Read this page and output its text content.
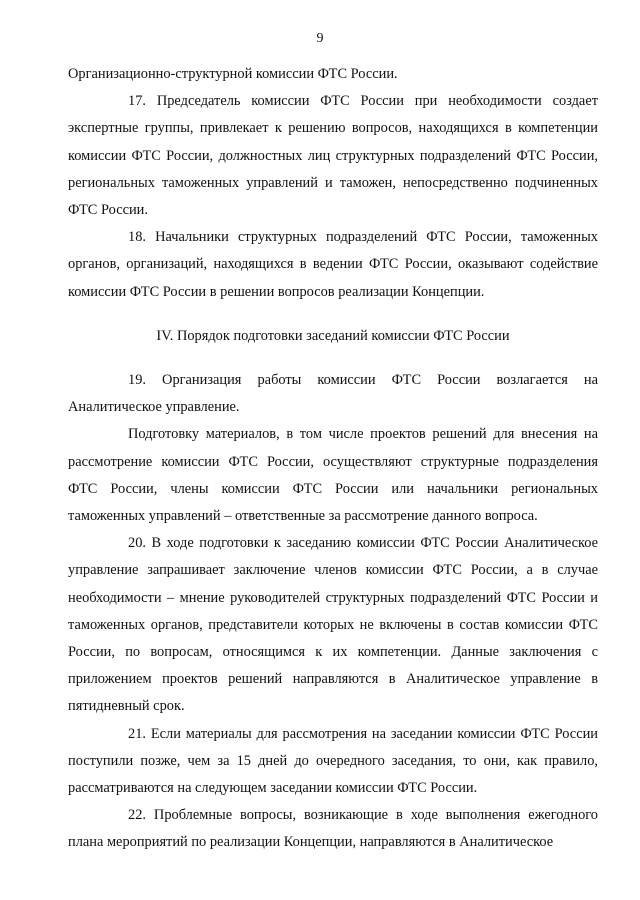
9

Организационно-структурной комиссии ФТС России.

17. Председатель комиссии ФТС России при необходимости создает экспертные группы, привлекает к решению вопросов, находящихся в компетенции комиссии ФТС России, должностных лиц структурных подразделений ФТС России, региональных таможенных управлений и таможен, непосредственно подчиненных ФТС России.

18. Начальники структурных подразделений ФТС России, таможенных органов, организаций, находящихся в ведении ФТС России, оказывают содействие комиссии ФТС России в решении вопросов реализации Концепции.

IV. Порядок подготовки заседаний комиссии ФТС России

19. Организация работы комиссии ФТС России возлагается на Аналитическое управление.

Подготовку материалов, в том числе проектов решений для внесения на рассмотрение комиссии ФТС России, осуществляют структурные подразделения ФТС России, члены комиссии ФТС России или начальники региональных таможенных управлений – ответственные за рассмотрение данного вопроса.

20. В ходе подготовки к заседанию комиссии ФТС России Аналитическое управление запрашивает заключение членов комиссии ФТС России, а в случае необходимости – мнение руководителей структурных подразделений ФТС России и таможенных органов, представители которых не включены в состав комиссии ФТС России, по вопросам, относящимся к их компетенции. Данные заключения с приложением проектов решений направляются в Аналитическое управление в пятидневный срок.

21. Если материалы для рассмотрения на заседании комиссии ФТС России поступили позже, чем за 15 дней до очередного заседания, то они, как правило, рассматриваются на следующем заседании комиссии ФТС России.

22. Проблемные вопросы, возникающие в ходе выполнения ежегодного плана мероприятий по реализации Концепции, направляются в Аналитическое
